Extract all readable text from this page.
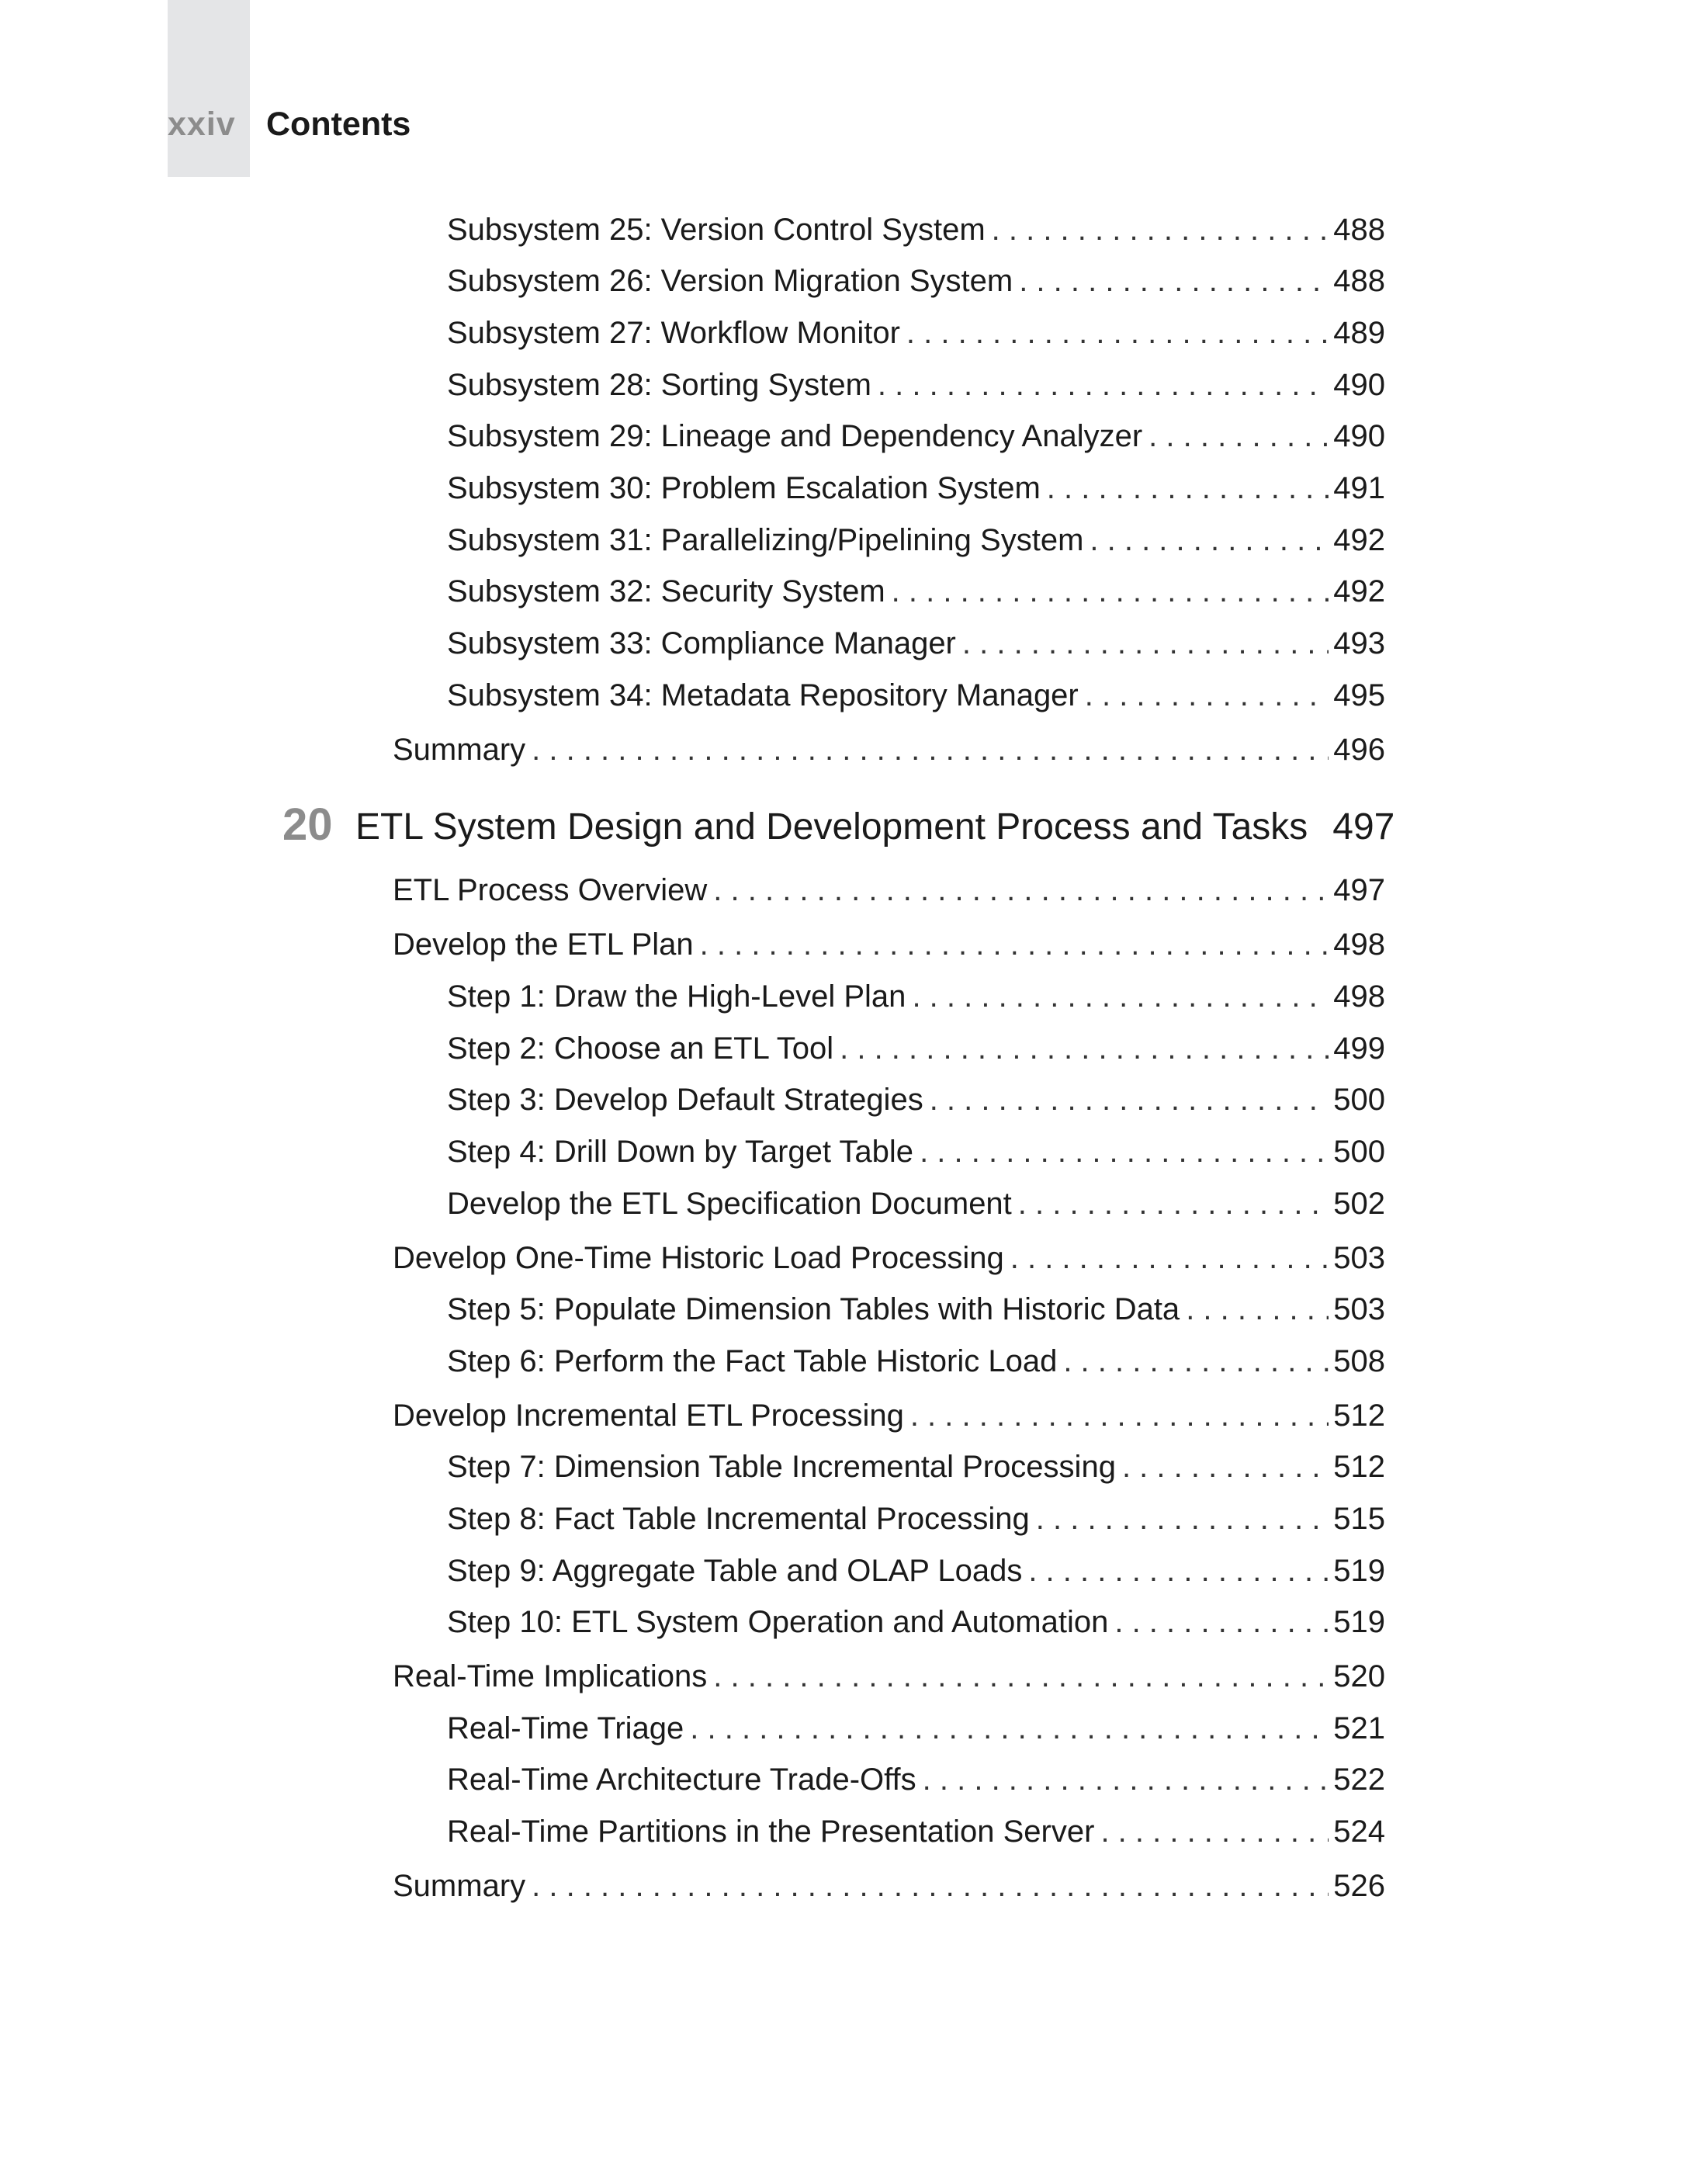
xxiv Contents
Subsystem 25: Version Control System . . .	488
Subsystem 26: Version Migration System . . .	488
Subsystem 27: Workflow Monitor . . .	489
Subsystem 28: Sorting System . . .	490
Subsystem 29: Lineage and Dependency Analyzer . . .	490
Subsystem 30: Problem Escalation System . . .	491
Subsystem 31: Parallelizing/Pipelining System . . .	492
Subsystem 32: Security System . . .	492
Subsystem 33: Compliance Manager . . .	493
Subsystem 34: Metadata Repository Manager . . .	495
Summary . . .	496
20 ETL System Design and Development Process and Tasks 497
ETL Process Overview . . .	497
Develop the ETL Plan . . .	498
Step 1: Draw the High-Level Plan . . .	498
Step 2: Choose an ETL Tool . . .	499
Step 3: Develop Default Strategies . . .	500
Step 4: Drill Down by Target Table . . .	500
Develop the ETL Specification Document . . .	502
Develop One-Time Historic Load Processing . . .	503
Step 5: Populate Dimension Tables with Historic Data . . .	503
Step 6: Perform the Fact Table Historic Load . . .	508
Develop Incremental ETL Processing . . .	512
Step 7: Dimension Table Incremental Processing . . .	512
Step 8: Fact Table Incremental Processing . . .	515
Step 9: Aggregate Table and OLAP Loads . . .	519
Step 10: ETL System Operation and Automation . . .	519
Real-Time Implications . . .	520
Real-Time Triage . . .	521
Real-Time Architecture Trade-Offs . . .	522
Real-Time Partitions in the Presentation Server . . .	524
Summary . . .	526
